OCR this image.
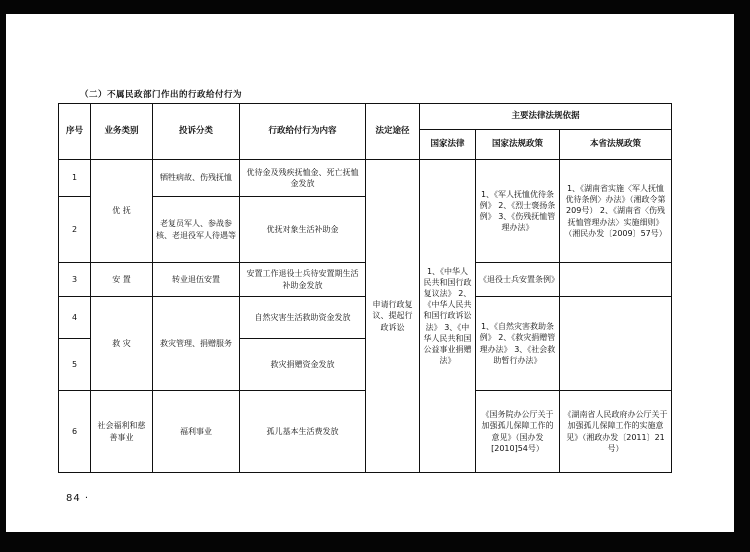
（二）不属民政部门作出的行政给付行为
序号	业务类别	投诉分类	行政给付行为内容	法定途径	主要法律法规依据		
					国家法律	国家法规政策	本省法规政策
1	优 抚	牺牲病故、伤残抚恤	优待金及残疾抚恤金、死亡抚恤金发放	申请行政复议、提起行政诉讼	1、《中华人民共和国行政复议法》 2、《中华人民共和国行政诉讼法》 3、《中华人民共和国公益事业捐赠法》	1、《军人抚恤优待条例》 2、《烈士褒扬条例》 3、《伤残抚恤管理办法》	1、《湖南省实施〈军人抚恤优待条例〉办法》（湘政令第209号） 2、《湖南省〈伤残抚恤管理办法〉实施细则》（湘民办发〔2009〕57号）
2		老复员军人、参战参核、老退役军人待遇等	优抚对象生活补助金				
3	安 置	转业退伍安置	安置工作退役士兵待安置期生活补助金发放			《退役士兵安置条例》	
4	救 灾	救灾管理、捐赠服务	自然灾害生活救助资金发放			1、《自然灾害救助条例》 2、《救灾捐赠管理办法》 3、《社会救助暂行办法》	
5			救灾捐赠资金发放				
6	社会福利和慈善事业	福利事业	孤儿基本生活费发放			《国务院办公厅关于加强孤儿保障工作的意见》（国办发[2010]54号）	《湖南省人民政府办公厅关于加强孤儿保障工作的实施意见》（湘政办发〔2011〕21号）
84 ·
